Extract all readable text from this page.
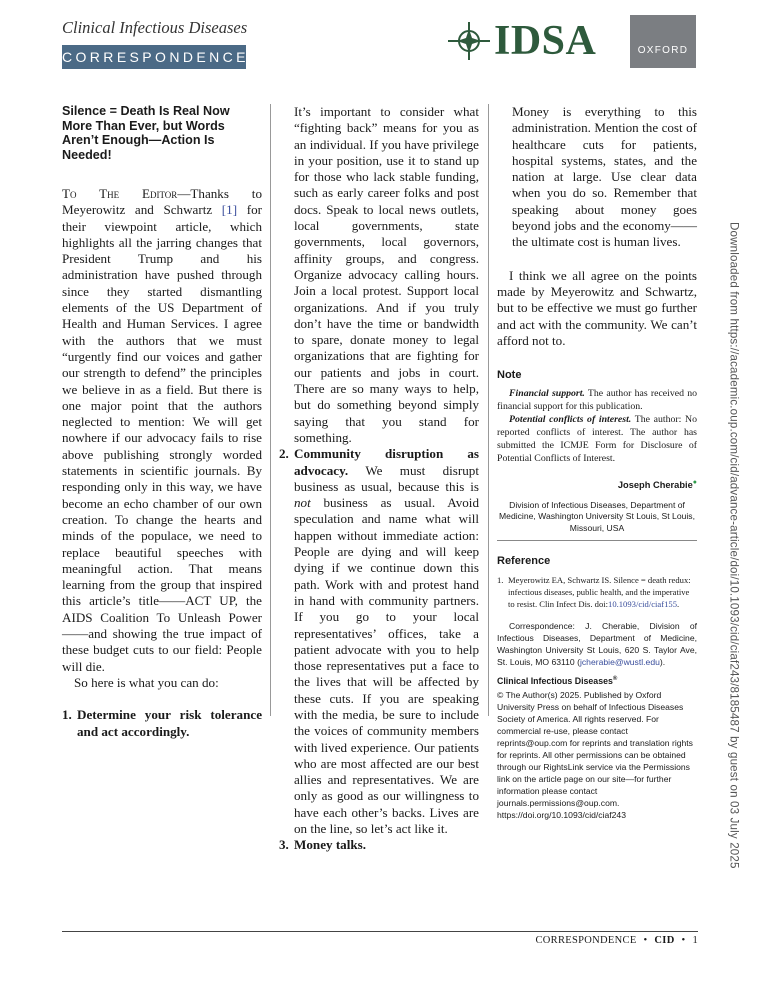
Clinical Infectious Diseases
CORRESPONDENCE	IDSA	OXFORD
Silence = Death Is Real Now More Than Ever, but Words Aren’t Enough—Action Is Needed!

To The Editor—Thanks to Meyerowitz and Schwartz [1] for their viewpoint article, which highlights all the jarring changes that President Trump and his administration have pushed through since they started dismantling elements of the US Department of Health and Human Services. I agree with the authors that we must “urgently find our voices and gather our strength to defend” the principles we believe in as a field. But there is one major point that the authors neglected to mention: We will get nowhere if our advocacy fails to rise above publishing strongly worded statements in scientific journals. By responding only in this way, we have become an echo chamber of our own creation. To change the hearts and minds of the populace, we need to replace beautiful speeches with meaningful action. That means learning from the group that inspired this article’s title——ACT UP, the AIDS Coalition To Unleash Power——and showing the true impact of these budget cuts to our field: People will die.

So here is what you can do:

1. Determine your risk tolerance and act accordingly.

It’s important to consider what “fighting back” means for you as an individual. If you have privilege in your position, use it to stand up for those who lack stable funding, such as early career folks and post docs. Speak to local news outlets, local governments, state governments, local governors, affinity groups, and congress. Organize advocacy calling hours. Join a local protest. Support local organizations. And if you truly don’t have the time or bandwidth to spare, donate money to legal organizations that are fighting for our patients and jobs in court. There are so many ways to help, but do something beyond simply saying that you stand for something.

2. Community disruption as advocacy. We must disrupt business as usual, because this is not business as usual. Avoid speculation and name what will happen without immediate action: People are dying and will keep dying if we continue down this path. Work with and protest hand in hand with community partners. If you go to your local representatives’ offices, take a patient advocate with you to help those representatives put a face to the lives that will be affected by these cuts. If you are speaking with the media, be sure to include the voices of community members with lived experience. Our patients who are most affected are our best allies and representatives. We are only as good as our willingness to have each other’s backs. Lives are on the line, so let’s act like it.

3. Money talks.

Money is everything to this administration. Mention the cost of healthcare cuts for patients, hospital systems, states, and the nation at large. Use clear data when you do so. Remember that speaking about money goes beyond jobs and the economy——the ultimate cost is human lives.

I think we all agree on the points made by Meyerowitz and Schwartz, but to be effective we must go further and act with the community. We can’t afford not to.

Note

Financial support. The author has received no financial support for this publication.

Potential conflicts of interest. The author: No reported conflicts of interest. The author has submitted the ICMJE Form for Disclosure of Potential Conflicts of Interest.

Joseph Cherabie●
Division of Infectious Diseases, Department of Medicine, Washington University St Louis, St Louis, Missouri, USA
Reference

1. Meyerowitz EA, Schwartz IS. Silence = death redux: infectious diseases, public health, and the imperative to resist. Clin Infect Dis. doi:10.1093/cid/ciaf155.

Correspondence: J. Cherabie, Division of Infectious Diseases, Department of Medicine, Washington University St Louis, 620 S. Taylor Ave, St. Louis, MO 63110 (jcherabie@wustl.edu).

Clinical Infectious Diseases®

© The Author(s) 2025. Published by Oxford University Press on behalf of Infectious Diseases Society of America. All rights reserved. For commercial re-use, please contact reprints@oup.com for reprints and translation rights for reprints. All other permissions can be obtained through our RightsLink service via the Permissions link on the article page on our site—for further information please contact journals.permissions@oup.com.

https://doi.org/10.1093/cid/ciaf243	Downloaded from https://academic.oup.com/cid/advance-article/doi/10.1093/cid/ciaf243/8185487 by guest on 03 July 2025
CORRESPONDENCE • CID • 1
